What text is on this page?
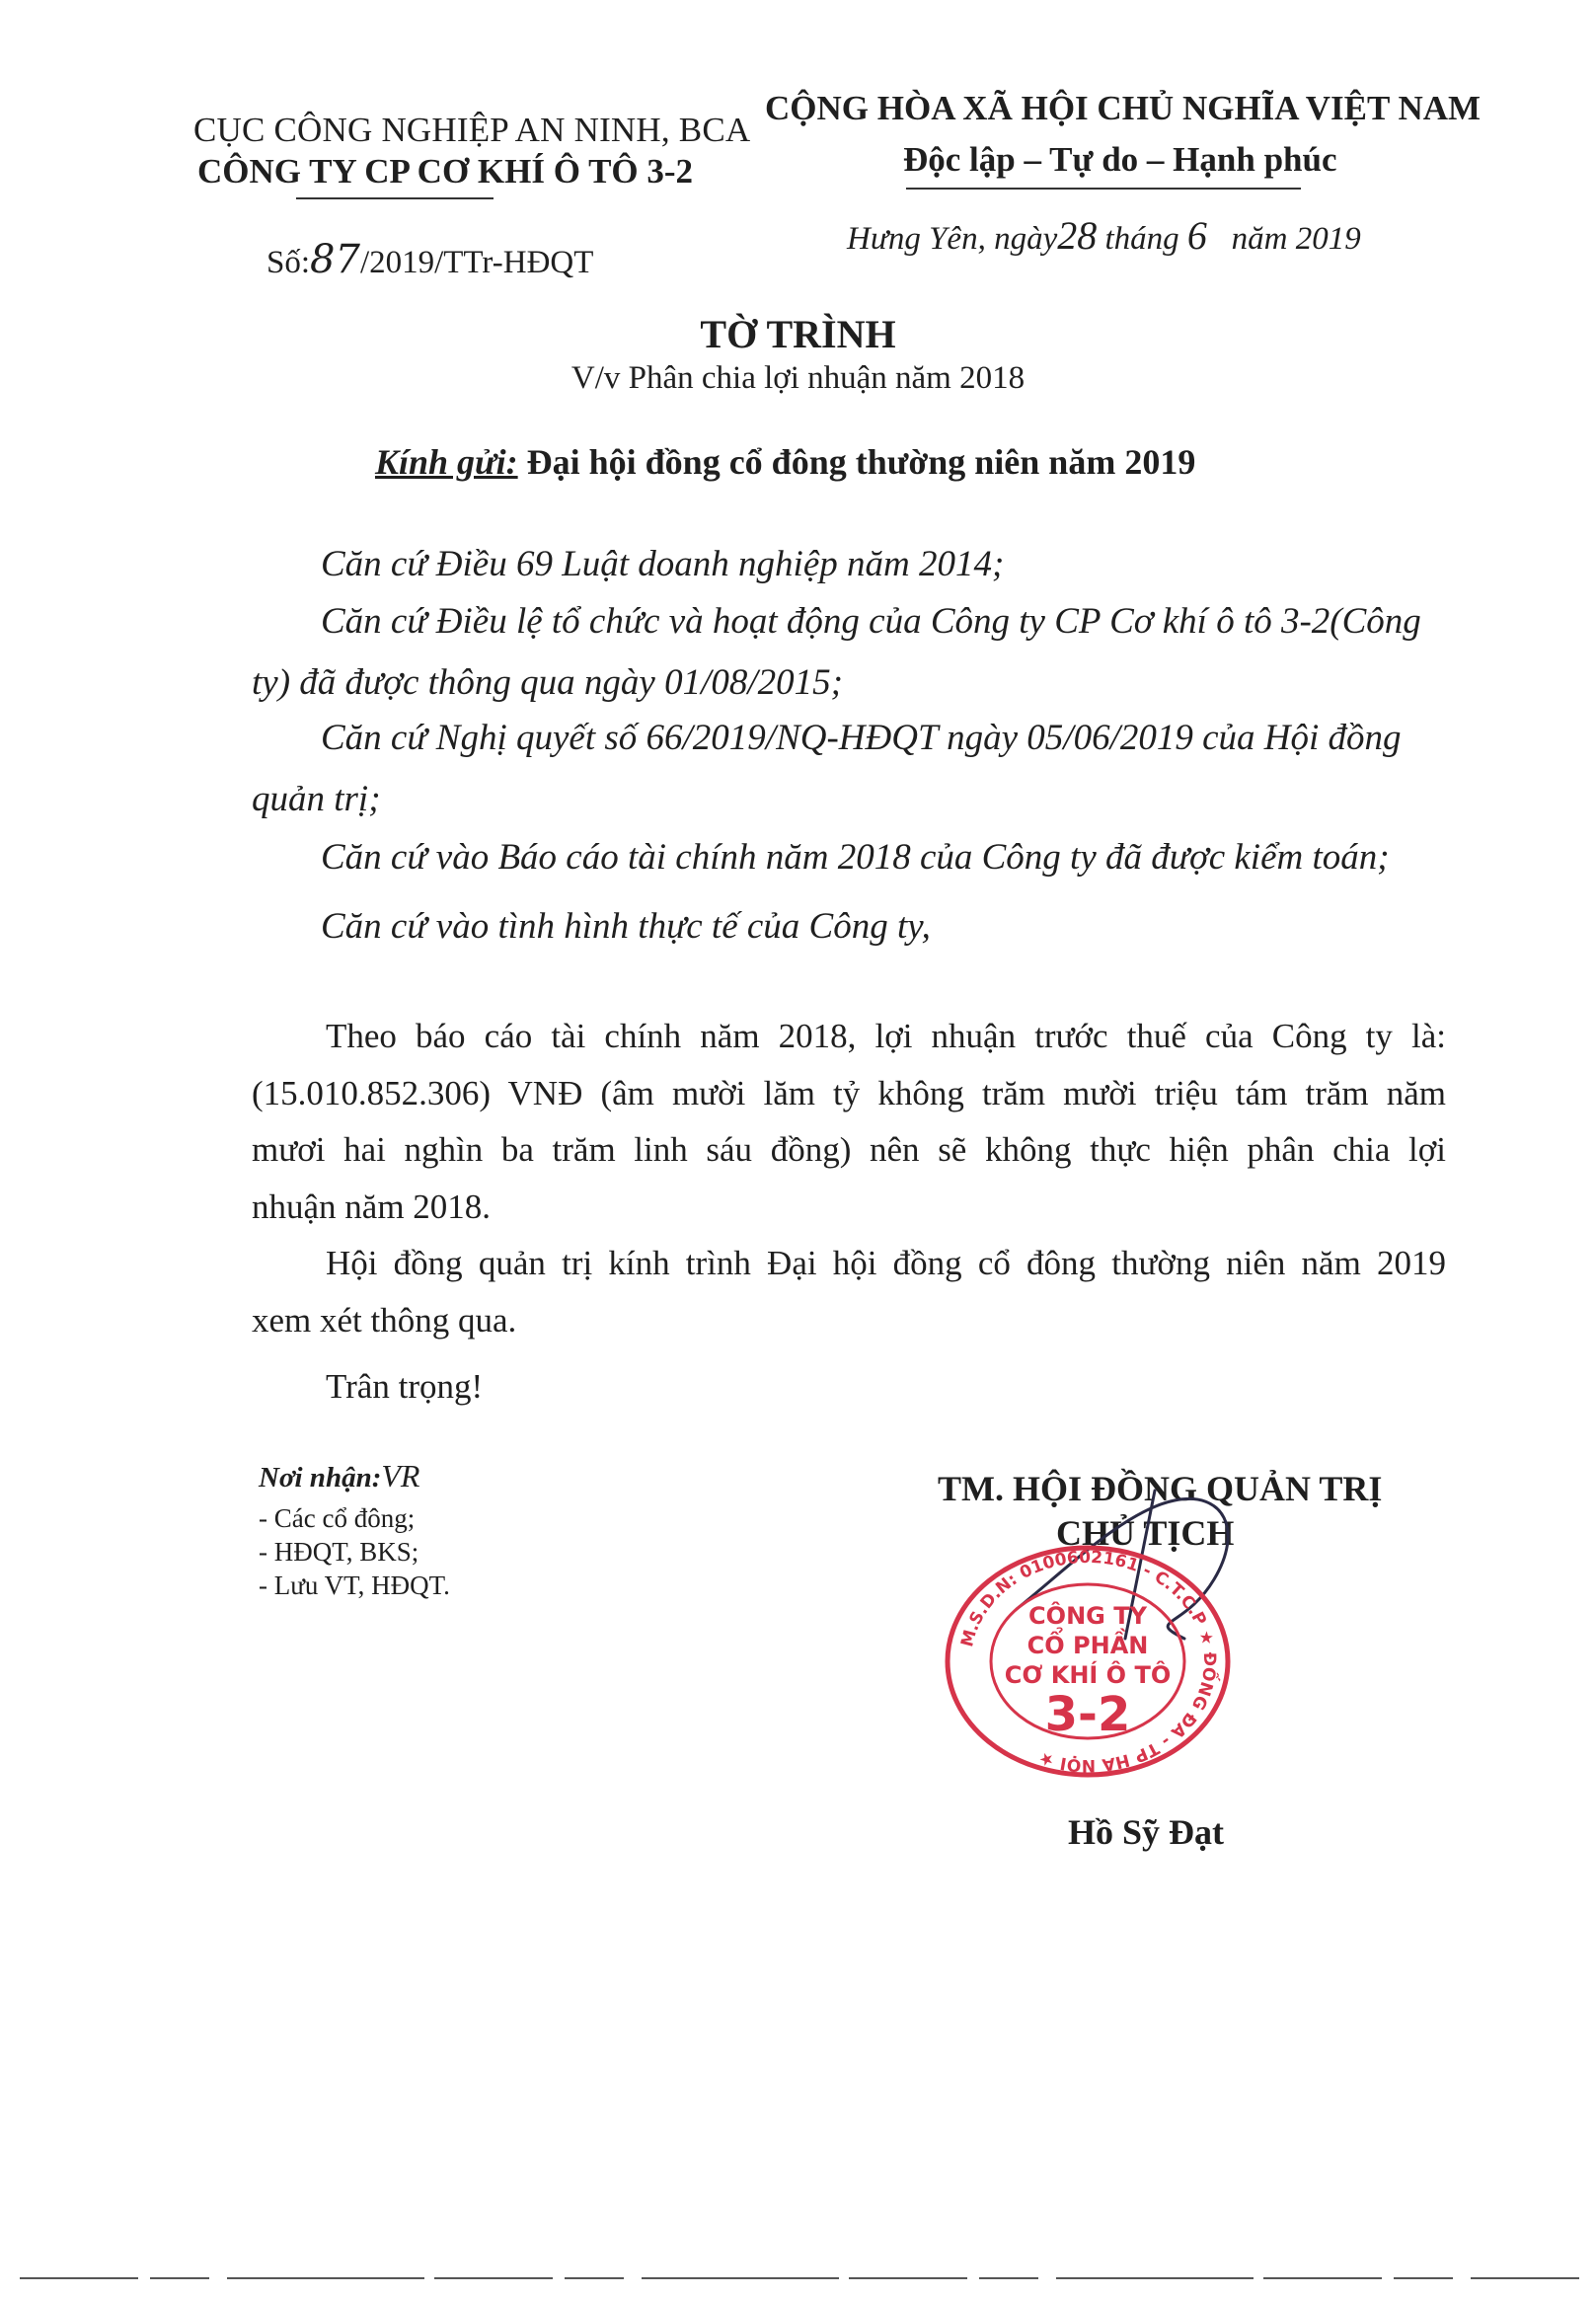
CỤC CÔNG NGHIỆP AN NINH, BCA
CÔNG TY CP CƠ KHÍ Ô TÔ 3-2
CỘNG HÒA XÃ HỘI CHỦ NGHĨA VIỆT NAM
Độc lập – Tự do – Hạnh phúc
Số:87/2019/TTr-HĐQT
Hưng Yên, ngày28 tháng 6 năm 2019
TỜ TRÌNH
V/v Phân chia lợi nhuận năm 2018
Kính gửi: Đại hội đồng cổ đông thường niên năm 2019
Căn cứ Điều 69 Luật doanh nghiệp năm 2014;
Căn cứ Điều lệ tổ chức và hoạt động của Công ty CP Cơ khí ô tô 3-2(Công
ty) đã được thông qua ngày 01/08/2015;
Căn cứ Nghị quyết số 66/2019/NQ-HĐQT ngày 05/06/2019 của Hội đồng
quản trị;
Căn cứ vào Báo cáo tài chính năm 2018 của Công ty đã được kiểm toán;
Căn cứ vào tình hình thực tế của Công ty,
Theo báo cáo tài chính năm 2018, lợi nhuận trước thuế của Công ty là:
(15.010.852.306) VNĐ (âm mười lăm tỷ không trăm mười triệu tám trăm năm
mươi hai nghìn ba trăm linh sáu đồng) nên sẽ không thực hiện phân chia lợi
nhuận năm 2018.
Hội đồng quản trị kính trình Đại hội đồng cổ đông thường niên năm 2019
xem xét thông qua.
Trân trọng!
Nơi nhận:VR
- Các cổ đông;
- HĐQT, BKS;
- Lưu VT, HĐQT.
TM. HỘI ĐỒNG QUẢN TRỊ
CHỦ TỊCH
M.S.D.N: 0100602161 - C.T.C.P ★ ĐỐNG ĐA - TP HÀ NỘI ★
CÔNG TY
CỔ PHẦN
CƠ KHÍ Ô TÔ
3-2
Hồ Sỹ Đạt
